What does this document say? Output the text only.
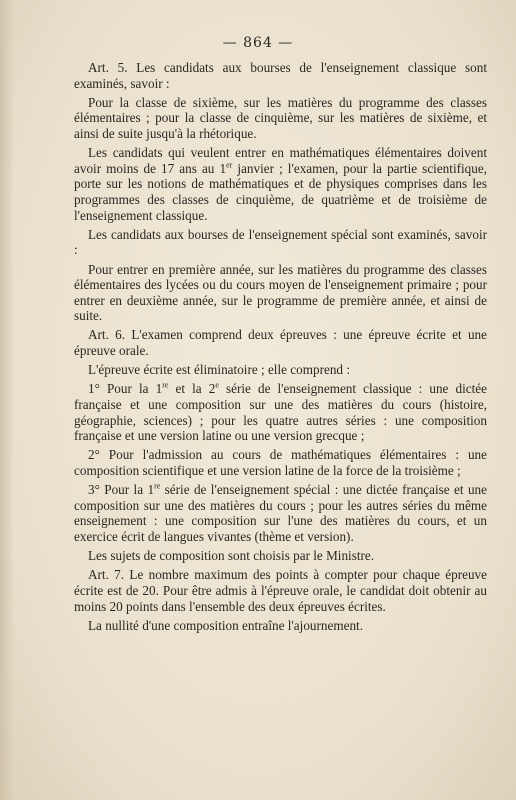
— 864 —

Art. 5. Les candidats aux bourses de l'enseignement classique sont examinés, savoir :

Pour la classe de sixième, sur les matières du programme des classes élémentaires ; pour la classe de cinquième, sur les matières de sixième, et ainsi de suite jusqu'à la rhétorique.

Les candidats qui veulent entrer en mathématiques élémentaires doivent avoir moins de 17 ans au 1er janvier ; l'examen, pour la partie scientifique, porte sur les notions de mathématiques et de physiques comprises dans les programmes des classes de cinquième, de quatrième et de troisième de l'enseignement classique.

Les candidats aux bourses de l'enseignement spécial sont examinés, savoir :

Pour entrer en première année, sur les matières du programme des classes élémentaires des lycées ou du cours moyen de l'enseignement primaire ; pour entrer en deuxième année, sur le programme de première année, et ainsi de suite.

Art. 6. L'examen comprend deux épreuves : une épreuve écrite et une épreuve orale.

L'épreuve écrite est éliminatoire ; elle comprend :

1° Pour la 1re et la 2e série de l'enseignement classique : une dictée française et une composition sur une des matières du cours (histoire, géographie, sciences) ; pour les quatre autres séries : une composition française et une version latine ou une version grecque ;

2° Pour l'admission au cours de mathématiques élémentaires : une composition scientifique et une version latine de la force de la troisième ;

3° Pour la 1re série de l'enseignement spécial : une dictée française et une composition sur une des matières du cours ; pour les autres séries du même enseignement : une composition sur l'une des matières du cours, et un exercice écrit de langues vivantes (thème et version).

Les sujets de composition sont choisis par le Ministre.

Art. 7. Le nombre maximum des points à compter pour chaque épreuve écrite est de 20. Pour être admis à l'épreuve orale, le candidat doit obtenir au moins 20 points dans l'ensemble des deux épreuves écrites.

La nullité d'une composition entraîne l'ajournement.
